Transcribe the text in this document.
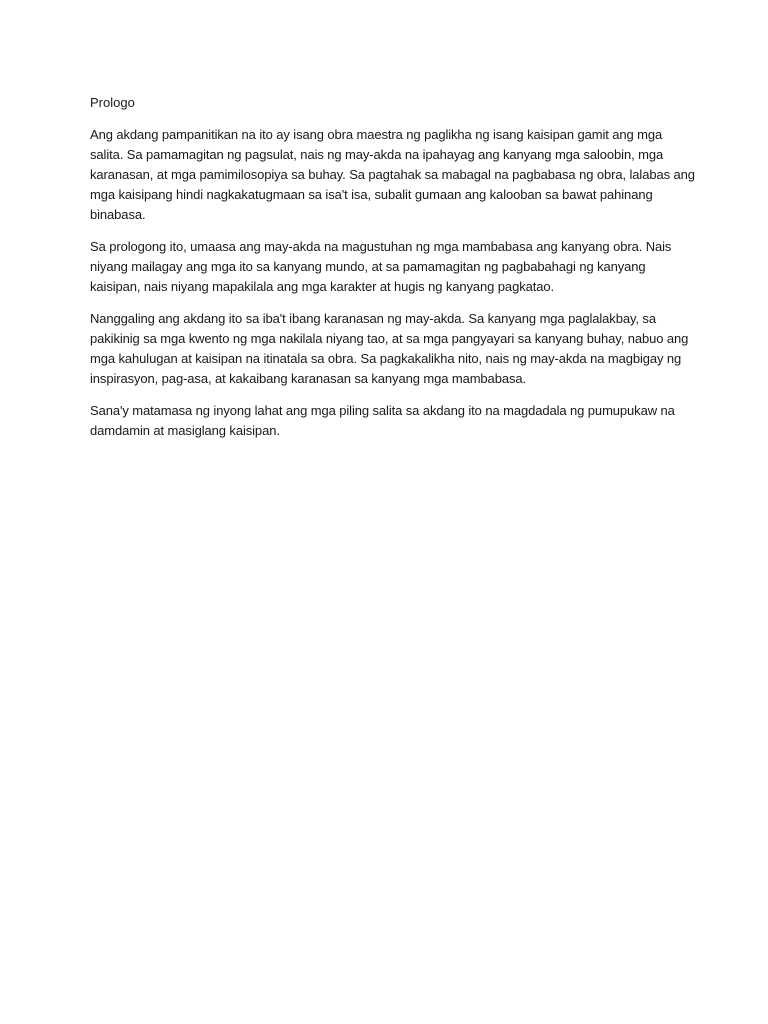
Prologo
Ang akdang pampanitikan na ito ay isang obra maestra ng paglikha ng isang kaisipan gamit ang mga
salita. Sa pamamagitan ng pagsulat, nais ng may-akda na ipahayag ang kanyang mga saloobin, mga
karanasan, at mga pamimilosopiya sa buhay. Sa pagtahak sa mabagal na pagbabasa ng obra, lalabas ang
mga kaisipang hindi nagkakatugmaan sa isa't isa, subalit gumaan ang kalooban sa bawat pahinang
binabasa.
Sa prologong ito, umaasa ang may-akda na magustuhan ng mga mambabasa ang kanyang obra. Nais
niyang mailagay ang mga ito sa kanyang mundo, at sa pamamagitan ng pagbabahagi ng kanyang
kaisipan, nais niyang mapakilala ang mga karakter at hugis ng kanyang pagkatao.
Nanggaling ang akdang ito sa iba't ibang karanasan ng may-akda. Sa kanyang mga paglalakbay, sa
pakikinig sa mga kwento ng mga nakilala niyang tao, at sa mga pangyayari sa kanyang buhay, nabuo ang
mga kahulugan at kaisipan na itinatala sa obra. Sa pagkakalikha nito, nais ng may-akda na magbigay ng
inspirasyon, pag-asa, at kakaibang karanasan sa kanyang mga mambabasa.
Sana'y matamasa ng inyong lahat ang mga piling salita sa akdang ito na magdadala ng pumupukaw na
damdamin at masiglang kaisipan.
